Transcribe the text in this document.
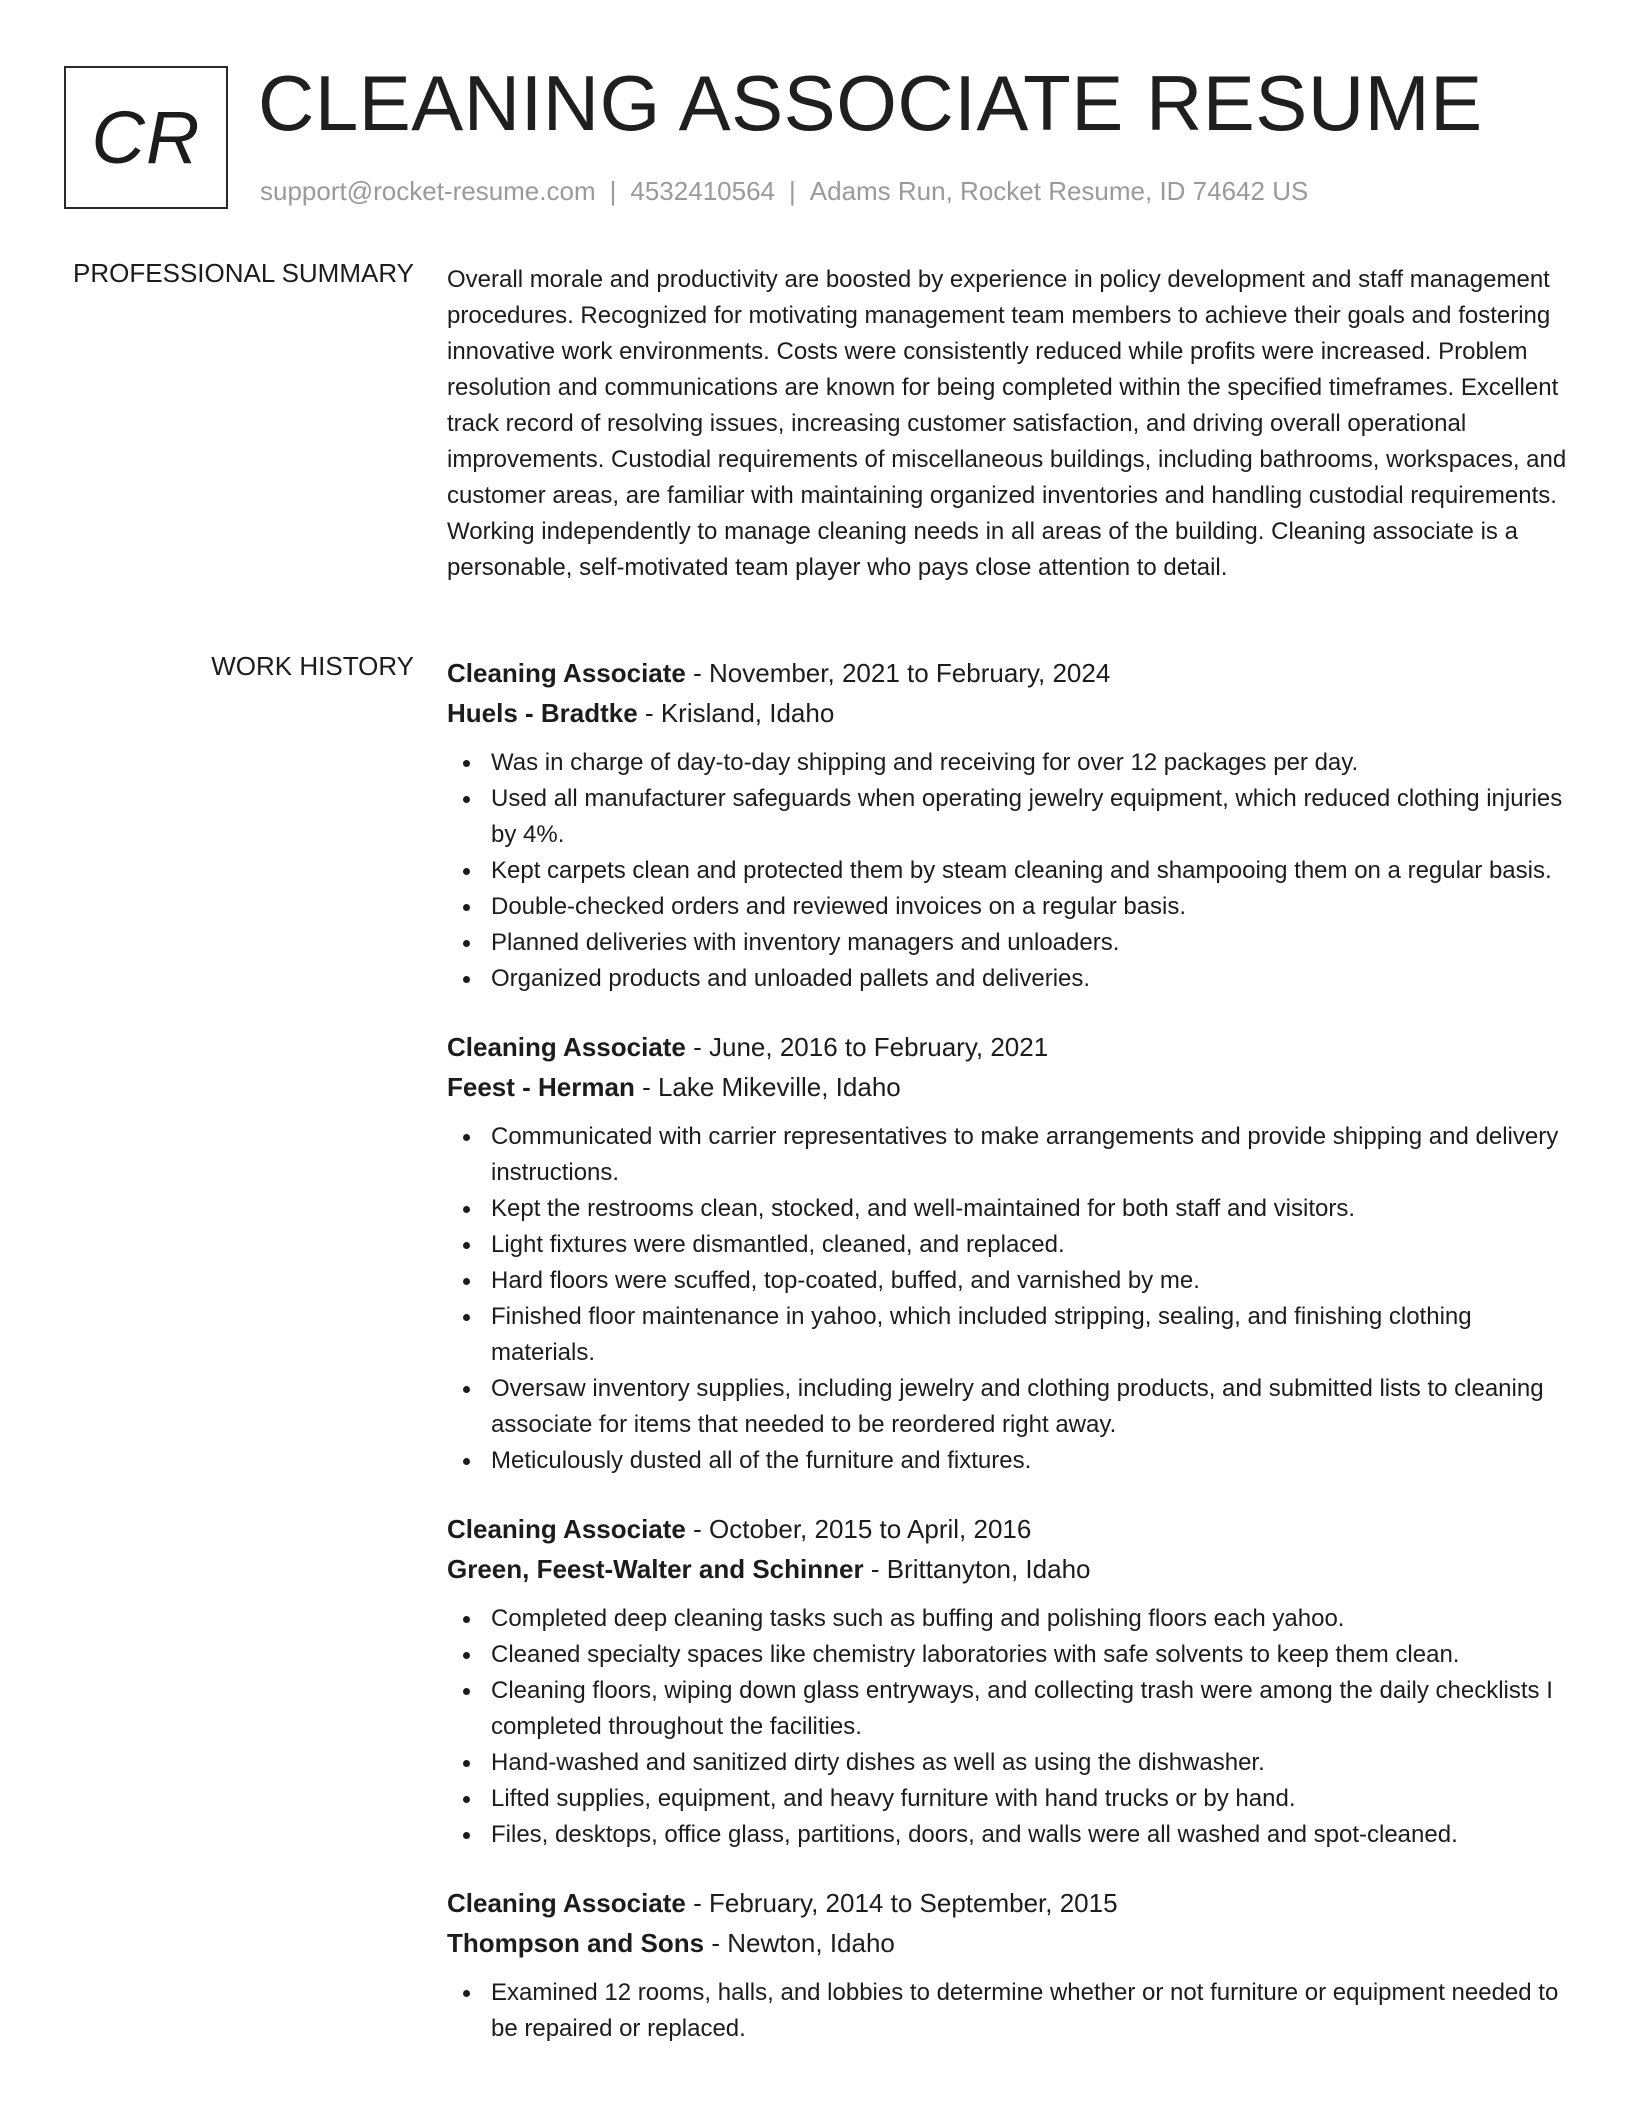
CR CLEANING ASSOCIATE RESUME
support@rocket-resume.com | 4532410564 | Adams Run, Rocket Resume, ID 74642 US
PROFESSIONAL SUMMARY Overall morale and productivity are boosted by experience in policy development and staff management procedures. Recognized for motivating management team members to achieve their goals and fostering innovative work environments. Costs were consistently reduced while profits were increased. Problem resolution and communications are known for being completed within the specified timeframes. Excellent track record of resolving issues, increasing customer satisfaction, and driving overall operational improvements. Custodial requirements of miscellaneous buildings, including bathrooms, workspaces, and customer areas, are familiar with maintaining organized inventories and handling custodial requirements. Working independently to manage cleaning needs in all areas of the building. Cleaning associate is a personable, self-motivated team player who pays close attention to detail.

WORK HISTORY Cleaning Associate - November, 2021 to February, 2024
Huels - Bradtke - Krisland, Idaho
Was in charge of day-to-day shipping and receiving for over 12 packages per day.
Used all manufacturer safeguards when operating jewelry equipment, which reduced clothing injuries by 4%.
Kept carpets clean and protected them by steam cleaning and shampooing them on a regular basis.
Double-checked orders and reviewed invoices on a regular basis.
Planned deliveries with inventory managers and unloaders.
Organized products and unloaded pallets and deliveries.
Cleaning Associate - June, 2016 to February, 2021
Feest - Herman - Lake Mikeville, Idaho
Communicated with carrier representatives to make arrangements and provide shipping and delivery instructions.
Kept the restrooms clean, stocked, and well-maintained for both staff and visitors.
Light fixtures were dismantled, cleaned, and replaced.
Hard floors were scuffed, top-coated, buffed, and varnished by me.
Finished floor maintenance in yahoo, which included stripping, sealing, and finishing clothing materials.
Oversaw inventory supplies, including jewelry and clothing products, and submitted lists to cleaning associate for items that needed to be reordered right away.
Meticulously dusted all of the furniture and fixtures.
Cleaning Associate - October, 2015 to April, 2016
Green, Feest-Walter and Schinner - Brittanyton, Idaho
Completed deep cleaning tasks such as buffing and polishing floors each yahoo.
Cleaned specialty spaces like chemistry laboratories with safe solvents to keep them clean.
Cleaning floors, wiping down glass entryways, and collecting trash were among the daily checklists I completed throughout the facilities.
Hand-washed and sanitized dirty dishes as well as using the dishwasher.
Lifted supplies, equipment, and heavy furniture with hand trucks or by hand.
Files, desktops, office glass, partitions, doors, and walls were all washed and spot-cleaned.
Cleaning Associate - February, 2014 to September, 2015
Thompson and Sons - Newton, Idaho
Examined 12 rooms, halls, and lobbies to determine whether or not furniture or equipment needed to be repaired or replaced.
